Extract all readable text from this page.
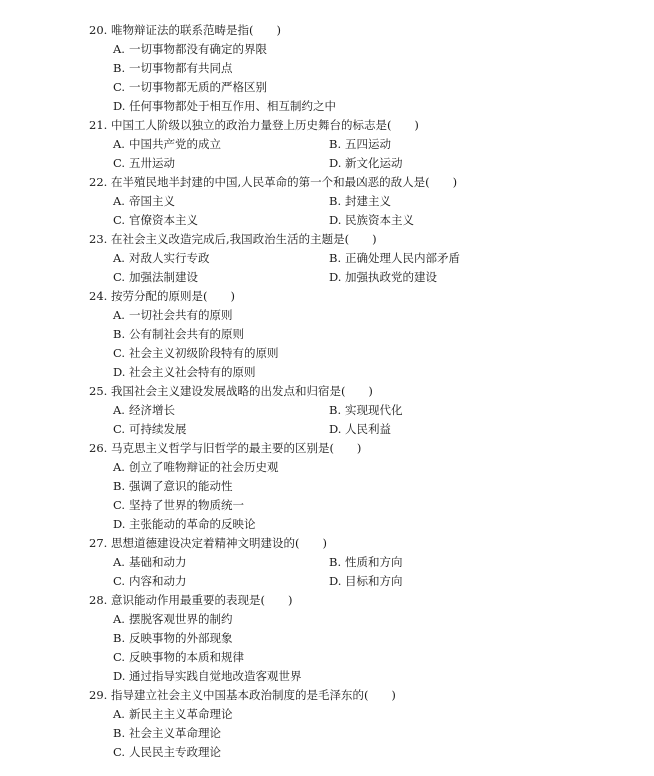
20. 唯物辩证法的联系范畴是指(　　)
A. 一切事物都没有确定的界限
B. 一切事物都有共同点
C. 一切事物都无质的严格区别
D. 任何事物都处于相互作用、相互制约之中
21. 中国工人阶级以独立的政治力量登上历史舞台的标志是(　　)
A. 中国共产党的成立	B. 五四运动
C. 五卅运动	D. 新文化运动
22. 在半殖民地半封建的中国,人民革命的第一个和最凶恶的敌人是(　　)
A. 帝国主义	B. 封建主义
C. 官僚资本主义	D. 民族资本主义
23. 在社会主义改造完成后,我国政治生活的主题是(　　)
A. 对敌人实行专政	B. 正确处理人民内部矛盾
C. 加强法制建设	D. 加强执政党的建设
24. 按劳分配的原则是(　　)
A. 一切社会共有的原则
B. 公有制社会共有的原则
C. 社会主义初级阶段特有的原则
D. 社会主义社会特有的原则
25. 我国社会主义建设发展战略的出发点和归宿是(　　)
A. 经济增长	B. 实现现代化
C. 可持续发展	D. 人民利益
26. 马克思主义哲学与旧哲学的最主要的区别是(　　)
A. 创立了唯物辩证的社会历史观
B. 强调了意识的能动性
C. 坚持了世界的物质统一
D. 主张能动的革命的反映论
27. 思想道德建设决定着精神文明建设的(　　)
A. 基础和动力	B. 性质和方向
C. 内容和动力	D. 目标和方向
28. 意识能动作用最重要的表现是(　　)
A. 摆脱客观世界的制约
B. 反映事物的外部现象
C. 反映事物的本质和规律
D. 通过指导实践自觉地改造客观世界
29. 指导建立社会主义中国基本政治制度的是毛泽东的(　　)
A. 新民主主义革命理论
B. 社会主义革命理论
C. 人民民主专政理论
